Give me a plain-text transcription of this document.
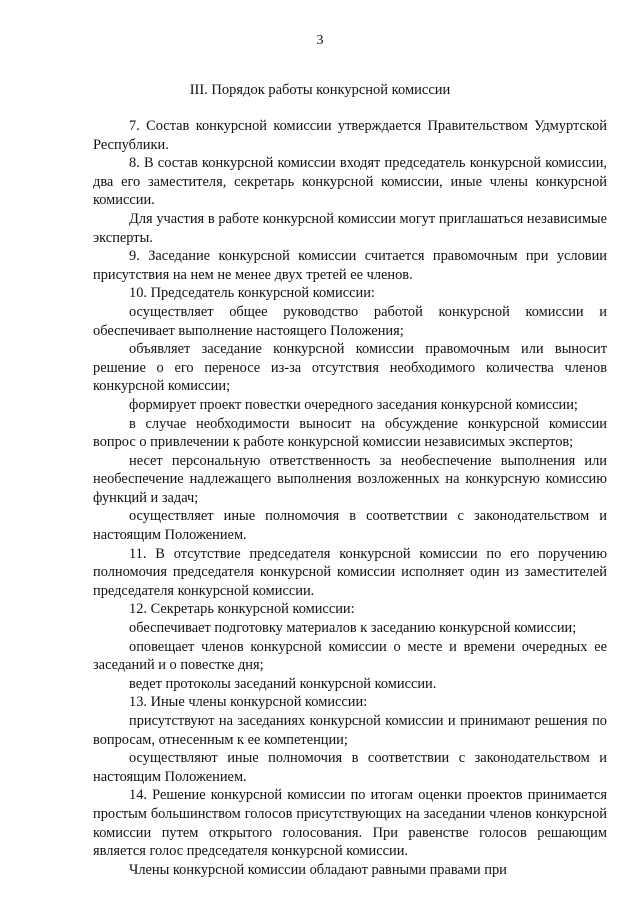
3
III. Порядок работы конкурсной комиссии

7. Состав конкурсной комиссии утверждается Правительством Удмуртской Республики.

8. В состав конкурсной комиссии входят председатель конкурсной комиссии, два его заместителя, секретарь конкурсной комиссии, иные члены конкурсной комиссии.

Для участия в работе конкурсной комиссии могут приглашаться независимые эксперты.

9. Заседание конкурсной комиссии считается правомочным при условии присутствия на нем не менее двух третей ее членов.

10. Председатель конкурсной комиссии:

осуществляет общее руководство работой конкурсной комиссии и обеспечивает выполнение настоящего Положения;

объявляет заседание конкурсной комиссии правомочным или выносит решение о его переносе из-за отсутствия необходимого количества членов конкурсной комиссии;

формирует проект повестки очередного заседания конкурсной комиссии;

в случае необходимости выносит на обсуждение конкурсной комиссии вопрос о привлечении к работе конкурсной комиссии независимых экспертов;

несет персональную ответственность за необеспечение выполнения или необеспечение надлежащего выполнения возложенных на конкурсную комиссию функций и задач;

осуществляет иные полномочия в соответствии с законодательством и настоящим Положением.

11. В отсутствие председателя конкурсной комиссии по его поручению полномочия председателя конкурсной комиссии исполняет один из заместителей председателя конкурсной комиссии.

12. Секретарь конкурсной комиссии:

обеспечивает подготовку материалов к заседанию конкурсной комиссии;

оповещает членов конкурсной комиссии о месте и времени очередных ее заседаний и о повестке дня;

ведет протоколы заседаний конкурсной комиссии.

13. Иные члены конкурсной комиссии:

присутствуют на заседаниях конкурсной комиссии и принимают решения по вопросам, отнесенным к ее компетенции;

осуществляют иные полномочия в соответствии с законодательством и настоящим Положением.

14. Решение конкурсной комиссии по итогам оценки проектов принимается простым большинством голосов присутствующих на заседании членов конкурсной комиссии путем открытого голосования. При равенстве голосов решающим является голос председателя конкурсной комиссии.

Члены конкурсной комиссии обладают равными правами при
